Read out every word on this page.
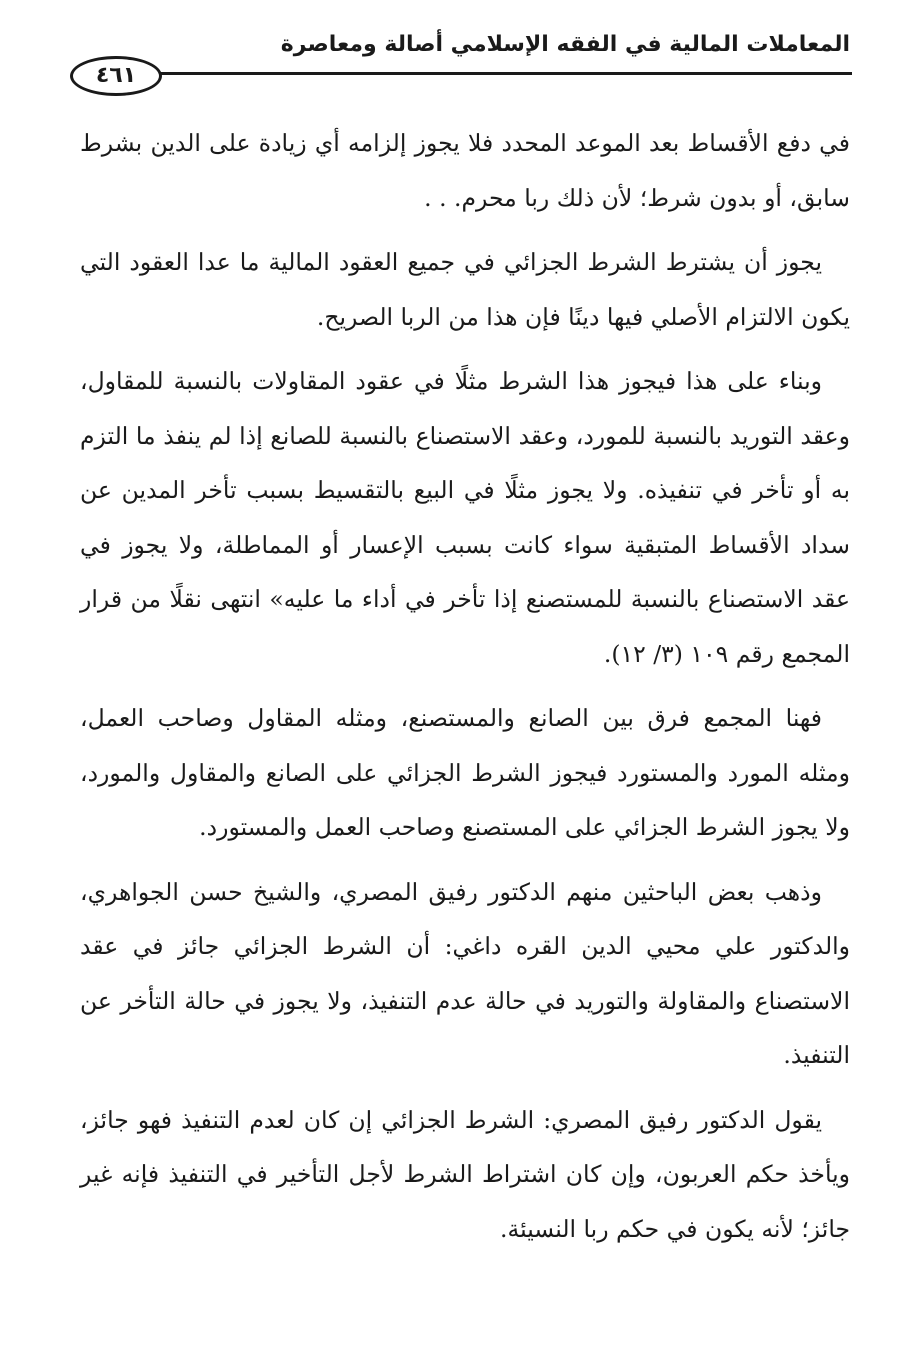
المعاملات المالية في الفقه الإسلامي أصالة ومعاصرة
٤٦١

في دفع الأقساط بعد الموعد المحدد فلا يجوز إلزامه أي زيادة على الدين بشرط سابق، أو بدون شرط؛ لأن ذلك ربا محرم. . .

يجوز أن يشترط الشرط الجزائي في جميع العقود المالية ما عدا العقود التي يكون الالتزام الأصلي فيها دينًا فإن هذا من الربا الصريح.

وبناء على هذا فيجوز هذا الشرط مثلًا في عقود المقاولات بالنسبة للمقاول، وعقد التوريد بالنسبة للمورد، وعقد الاستصناع بالنسبة للصانع إذا لم ينفذ ما التزم به أو تأخر في تنفيذه. ولا يجوز مثلًا في البيع بالتقسيط بسبب تأخر المدين عن سداد الأقساط المتبقية سواء كانت بسبب الإعسار أو المماطلة، ولا يجوز في عقد الاستصناع بالنسبة للمستصنع إذا تأخر في أداء ما عليه» انتهى نقلًا من قرار المجمع رقم ١٠٩ (٣/ ١٢).

فهنا المجمع فرق بين الصانع والمستصنع، ومثله المقاول وصاحب العمل، ومثله المورد والمستورد فيجوز الشرط الجزائي على الصانع والمقاول والمورد، ولا يجوز الشرط الجزائي على المستصنع وصاحب العمل والمستورد.

وذهب بعض الباحثين منهم الدكتور رفيق المصري، والشيخ حسن الجواهري، والدكتور علي محيي الدين القره داغي: أن الشرط الجزائي جائز في عقد الاستصناع والمقاولة والتوريد في حالة عدم التنفيذ، ولا يجوز في حالة التأخر عن التنفيذ.

يقول الدكتور رفيق المصري: الشرط الجزائي إن كان لعدم التنفيذ فهو جائز، ويأخذ حكم العربون، وإن كان اشتراط الشرط لأجل التأخير في التنفيذ فإنه غير جائز؛ لأنه يكون في حكم ربا النسيئة.
